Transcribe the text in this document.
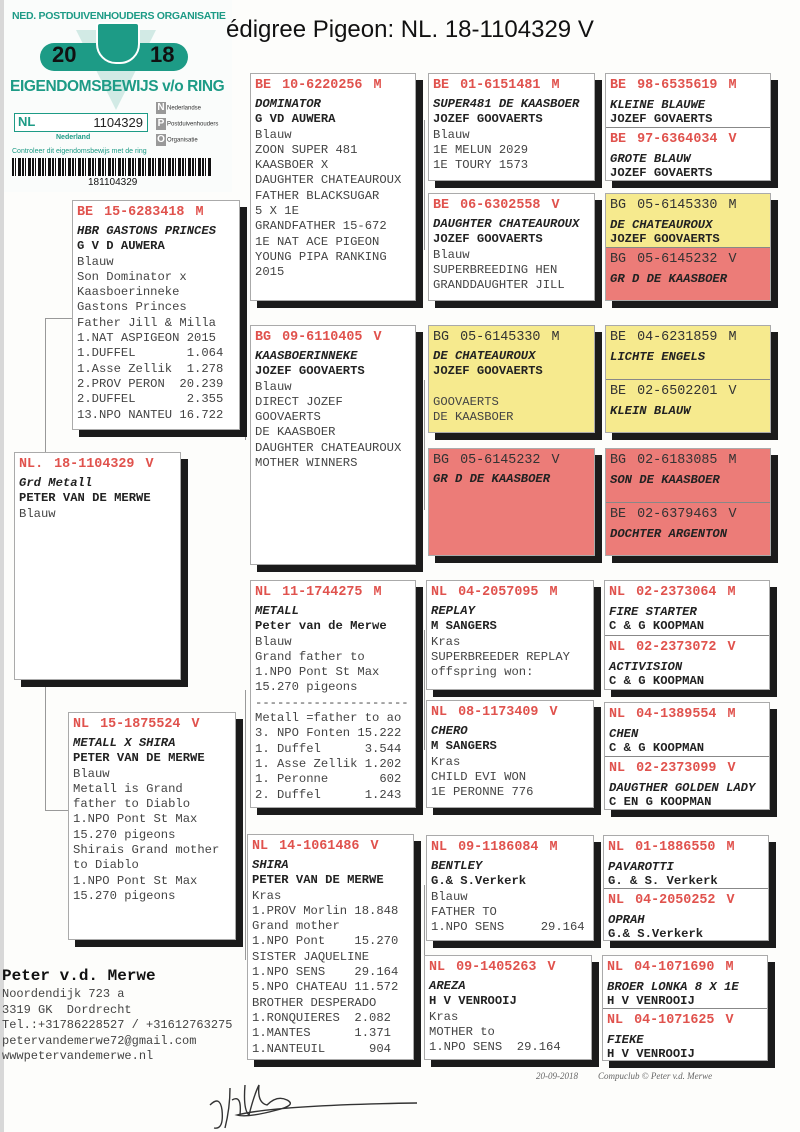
NED. POSTDUIVENHOUDERS ORGANISATIE
20	18
EIGENDOMSBEWIJS v/o RING
NL	1104329
N Nederlandse
P Postduivenhouders
O Organisatie
Nederland
Controleer dit eigendomsbewijs met de ring
181104329
édigree Pigeon: NL. 18-1104329 V
NL. 18-1104329 V
Grd Metall
PETER VAN DE MERWE
Blauw
BE 15-6283418 M
HBR GASTONS PRINCES
G V D AUWERA
Blauw
Son Dominator x
Kaasboerinneke
Gastons Princes
Father Jill & Milla
1.NAT ASPIGEON 2015
1.DUFFEL       1.064
1.Asse Zellik  1.278
2.PROV PERON  20.239
2.DUFFEL       2.355
13.NPO NANTEU 16.722
NL 15-1875524 V
METALL X SHIRA
PETER VAN DE MERWE
Blauw
Metall is Grand
father to Diablo
1.NPO Pont St Max
15.270 pigeons
Shirais Grand mother
to Diablo
1.NPO Pont St Max
15.270 pigeons
BE 10-6220256 M
DOMINATOR
G VD AUWERA
Blauw
ZOON SUPER 481
KAASBOER X
DAUGHTER CHATEAUROUX
FATHER BLACKSUGAR
5 X 1E
GRANDFATHER 15-672
1E NAT ACE PIGEON
YOUNG PIPA RANKING
2015
BG 09-6110405 V
KAASBOERINNEKE
JOZEF GOOVAERTS
Blauw
DIRECT JOZEF
GOOVAERTS
DE KAASBOER
DAUGHTER CHATEAUROUX
MOTHER WINNERS
NL 11-1744275 M
METALL
Peter van de Merwe
Blauw
Grand father to
1.NPO Pont St Max
15.270 pigeons
---------------------
Metall =father to ao
3. NPO Fonten 15.222
1. Duffel      3.544
1. Asse Zellik 1.202
1. Peronne       602
2. Duffel      1.243
NL 14-1061486 V
SHIRA
PETER VAN DE MERWE
Kras
1.PROV Morlin 18.848
Grand mother
1.NPO Pont    15.270
SISTER JAQUELINE
1.NPO SENS    29.164
5.NPO CHATEAU 11.572
BROTHER DESPERADO
1.RONQUIERES  2.082
1.MANTES      1.371
1.NANTEUIL      904
BE 01-6151481 M
SUPER481 DE KAASBOER
JOZEF GOOVAERTS
Blauw
1E MELUN 2029
1E TOURY 1573
BE 06-6302558 V
DAUGHTER CHATEAUROUX
JOZEF GOOVAERTS
Blauw
SUPERBREEDING HEN
GRANDDAUGHTER JILL
BG 05-6145330 M
DE CHATEAUROUX
JOZEF GOOVAERTS
GOOVAERTS
DE KAASBOER
BG 05-6145232 V
GR D DE KAASBOER
NL 04-2057095 M
REPLAY
M SANGERS
Kras
SUPERBREEDER REPLAY
offspring won:
NL 08-1173409 V
CHERO
M SANGERS
Kras
CHILD EVI WON
1E PERONNE 776
NL 09-1186084 M
BENTLEY
G.& S.Verkerk
Blauw
FATHER TO
1.NPO SENS     29.164
NL 09-1405263 V
AREZA
H V VENROOIJ
Kras
MOTHER to
1.NPO SENS  29.164
BE 98-6535619 M
KLEINE BLAUWE
JOZEF GOVAERTS
BE 97-6364034 V
GROTE BLAUW
JOZEF GOVAERTS
BG 05-6145330 M
DE CHATEAUROUX
JOZEF GOOVAERTS
BG 05-6145232 V
GR D DE KAASBOER
BE 04-6231859 M
LICHTE ENGELS
BE 02-6502201 V
KLEIN BLAUW
BG 02-6183085 M
SON DE KAASBOER
BE 02-6379463 V
DOCHTER ARGENTON
NL 02-2373064 M
FIRE STARTER
C & G KOOPMAN
NL 02-2373072 V
ACTIVISION
C & G KOOPMAN
NL 04-1389554 M
CHEN
C & G KOOPMAN
NL 02-2373099 V
DAUGTHER GOLDEN LADY
C EN G KOOPMAN
NL 01-1886550 M
PAVAROTTI
G. & S. Verkerk
NL 04-2050252 V
OPRAH
G.& S.Verkerk
NL 04-1071690 M
BROER LONKA 8 X 1E
H V VENROOIJ
NL 04-1071625 V
FIEKE
H V VENROOIJ
Peter v.d. Merwe
Noordendijk 723 a
3319 GK  Dordrecht
Tel.:+31786228527 / +31612763275
petervandemerwe72@gmail.com
wwwpetervandemerwe.nl
20-09-2018 Compuclub © Peter v.d. Merwe
